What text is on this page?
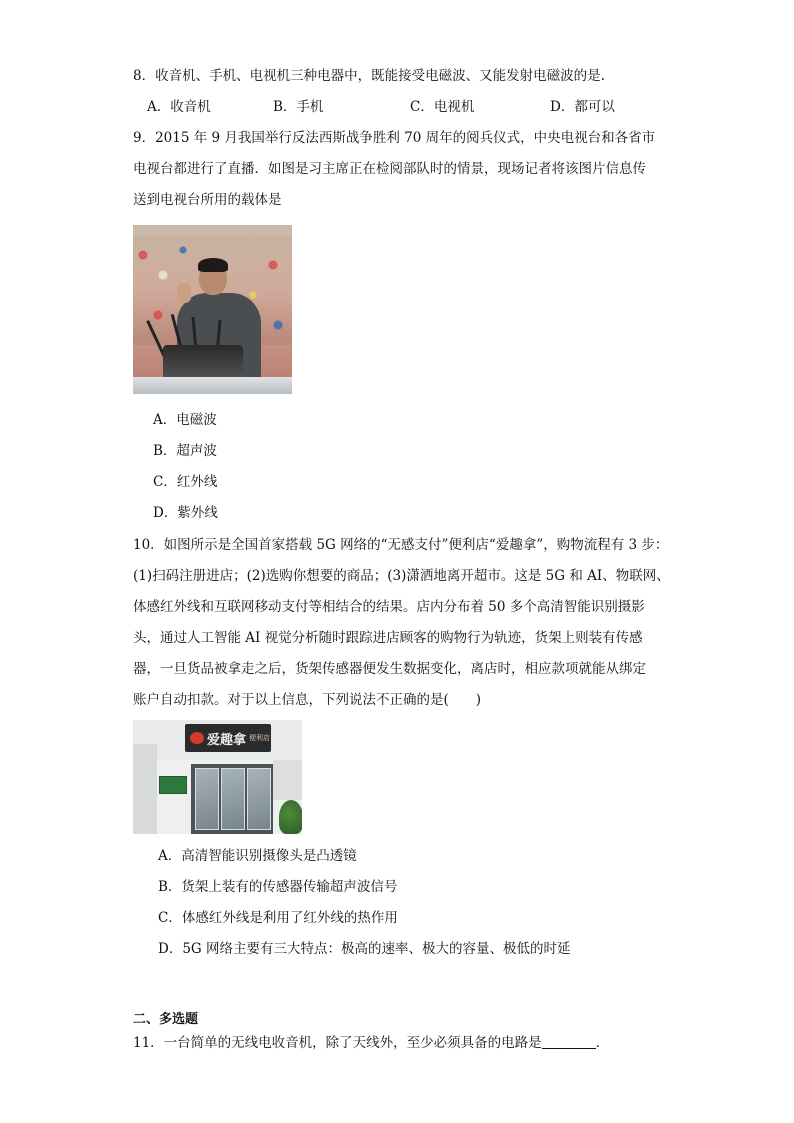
8．收音机、手机、电视机三种电器中，既能接受电磁波、又能发射电磁波的是.
A．收音机	B．手机	C．电视机	D．都可以
9．2015 年 9 月我国举行反法西斯战争胜利 70 周年的阅兵仪式，中央电视台和各省市
电视台都进行了直播．如图是习主席正在检阅部队时的情景，现场记者将该图片信息传
送到电视台所用的载体是
A．电磁波
B．超声波
C．红外线
D．紫外线
10．如图所示是全国首家搭载 5G 网络的“无感支付”便利店“爱趣拿”，购物流程有 3 步：
(1)扫码注册进店；(2)选购你想要的商品；(3)潇洒地离开超市。这是 5G 和 AI、物联网、
体感红外线和互联网移动支付等相结合的结果。店内分布着 50 多个高清智能识别摄影
头，通过人工智能 AI 视觉分析随时跟踪进店顾客的购物行为轨迹，货架上则装有传感
器，一旦货品被拿走之后，货架传感器便发生数据变化，离店时，相应款项就能从绑定
账户自动扣款。对于以上信息，下列说法不正确的是(　　)
爱趣拿 便利店
A．高清智能识别摄像头是凸透镜
B．货架上装有的传感器传输超声波信号
C．体感红外线是利用了红外线的热作用
D．5G 网络主要有三大特点：极高的速率、极大的容量、极低的时延
二、多选题
11．一台简单的无线电收音机，除了天线外，至少必须具备的电路是	．
